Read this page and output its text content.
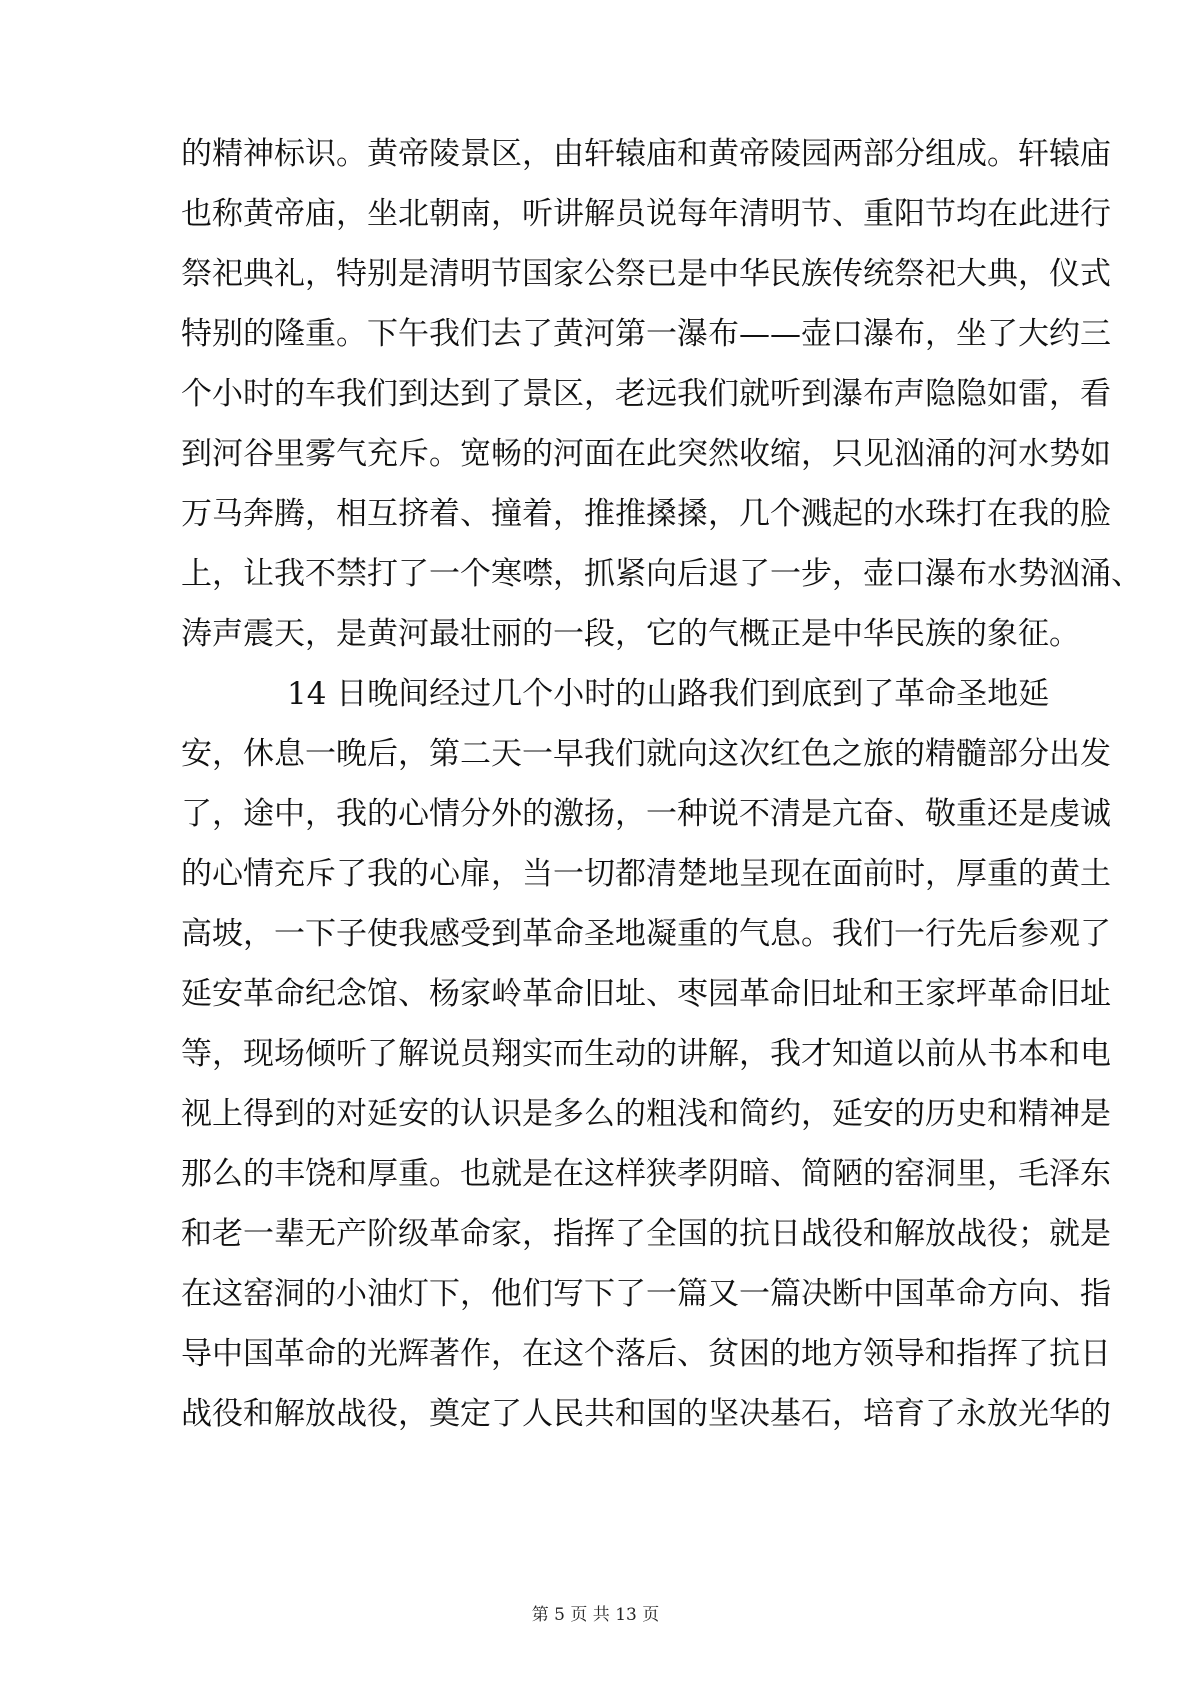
的精神标识。黄帝陵景区，由轩辕庙和黄帝陵园两部分组成。轩辕庙
也称黄帝庙，坐北朝南，听讲解员说每年清明节、重阳节均在此进行
祭祀典礼，特别是清明节国家公祭已是中华民族传统祭祀大典，仪式
特别的隆重。下午我们去了黄河第一瀑布——壶口瀑布，坐了大约三
个小时的车我们到达到了景区，老远我们就听到瀑布声隐隐如雷，看
到河谷里雾气充斥。宽畅的河面在此突然收缩，只见汹涌的河水势如
万马奔腾，相互挤着、撞着，推推搡搡，几个溅起的水珠打在我的脸
上，让我不禁打了一个寒噤，抓紧向后退了一步，壶口瀑布水势汹涌、
涛声震天，是黄河最壮丽的一段，它的气概正是中华民族的象征。
14 日晚间经过几个小时的山路我们到底到了革命圣地延
安，休息一晚后，第二天一早我们就向这次红色之旅的精髓部分出发
了，途中，我的心情分外的激扬，一种说不清是亢奋、敬重还是虔诚
的心情充斥了我的心扉，当一切都清楚地呈现在面前时，厚重的黄土
高坡，一下子使我感受到革命圣地凝重的气息。我们一行先后参观了
延安革命纪念馆、杨家岭革命旧址、枣园革命旧址和王家坪革命旧址
等，现场倾听了解说员翔实而生动的讲解，我才知道以前从书本和电
视上得到的对延安的认识是多么的粗浅和简约，延安的历史和精神是
那么的丰饶和厚重。也就是在这样狭孝阴暗、简陋的窑洞里，毛泽东
和老一辈无产阶级革命家，指挥了全国的抗日战役和解放战役；就是
在这窑洞的小油灯下，他们写下了一篇又一篇决断中国革命方向、指
导中国革命的光辉著作，在这个落后、贫困的地方领导和指挥了抗日
战役和解放战役，奠定了人民共和国的坚决基石，培育了永放光华的
第 5 页 共 13 页
